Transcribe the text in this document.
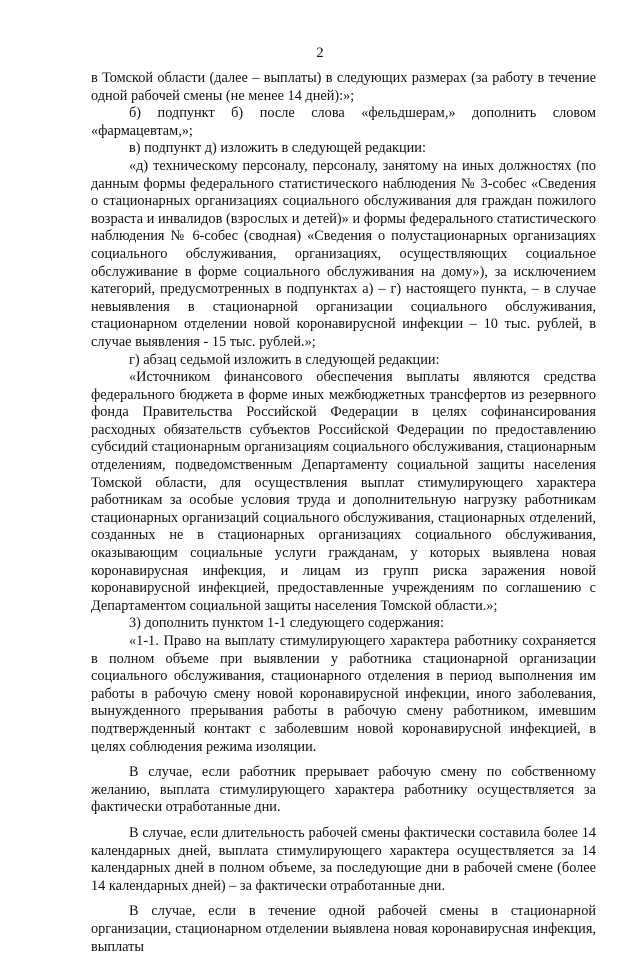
2

в Томской области (далее – выплаты) в следующих размерах (за работу в течение одной рабочей смены (не менее 14 дней):»;

б) подпункт б) после слова «фельдшерам,» дополнить словом «фармацевтам,»;

в) подпункт д) изложить в следующей редакции:

«д) техническому персоналу, персоналу, занятому на иных должностях (по данным формы федерального статистического наблюдения № 3-собес «Сведения о стационарных организациях социального обслуживания для граждан пожилого возраста и инвалидов (взрослых и детей)» и формы федерального статистического наблюдения № 6-собес (сводная) «Сведения о полустационарных организациях социального обслуживания, организациях, осуществляющих социальное обслуживание в форме социального обслуживания на дому»), за исключением категорий, предусмотренных в подпунктах а) – г) настоящего пункта, – в случае невыявления в стационарной организации социального обслуживания, стационарном отделении новой коронавирусной инфекции – 10 тыс. рублей, в случае выявления - 15 тыс. рублей.»;

г) абзац седьмой изложить в следующей редакции:

«Источником финансового обеспечения выплаты являются средства федерального бюджета в форме иных межбюджетных трансфертов из резервного фонда Правительства Российской Федерации в целях софинансирования расходных обязательств субъектов Российской Федерации по предоставлению субсидий стационарным организациям социального обслуживания, стационарным отделениям, подведомственным Департаменту социальной защиты населения Томской области, для осуществления выплат стимулирующего характера работникам за особые условия труда и дополнительную нагрузку работникам стационарных организаций социального обслуживания, стационарных отделений, созданных не в стационарных организациях социального обслуживания, оказывающим социальные услуги гражданам, у которых выявлена новая коронавирусная инфекция, и лицам из групп риска заражения новой коронавирусной инфекцией, предоставленные учреждениям по соглашению с Департаментом социальной защиты населения Томской области.»;

3) дополнить пунктом 1-1 следующего содержания:

«1-1. Право на выплату стимулирующего характера работнику сохраняется в полном объеме при выявлении у работника стационарной организации социального обслуживания, стационарного отделения в период выполнения им работы в рабочую смену новой коронавирусной инфекции, иного заболевания, вынужденного прерывания работы в рабочую смену работником, имевшим подтвержденный контакт с заболевшим новой коронавирусной инфекцией, в целях соблюдения режима изоляции.

В случае, если работник прерывает рабочую смену по собственному желанию, выплата стимулирующего характера работнику осуществляется за фактически отработанные дни.

В случае, если длительность рабочей смены фактически составила более 14 календарных дней, выплата стимулирующего характера осуществляется за 14 календарных дней в полном объеме, за последующие дни в рабочей смене (более 14 календарных дней) – за фактически отработанные дни.

В случае, если в течение одной рабочей смены в стационарной организации, стационарном отделении выявлена новая коронавирусная инфекция, выплаты
